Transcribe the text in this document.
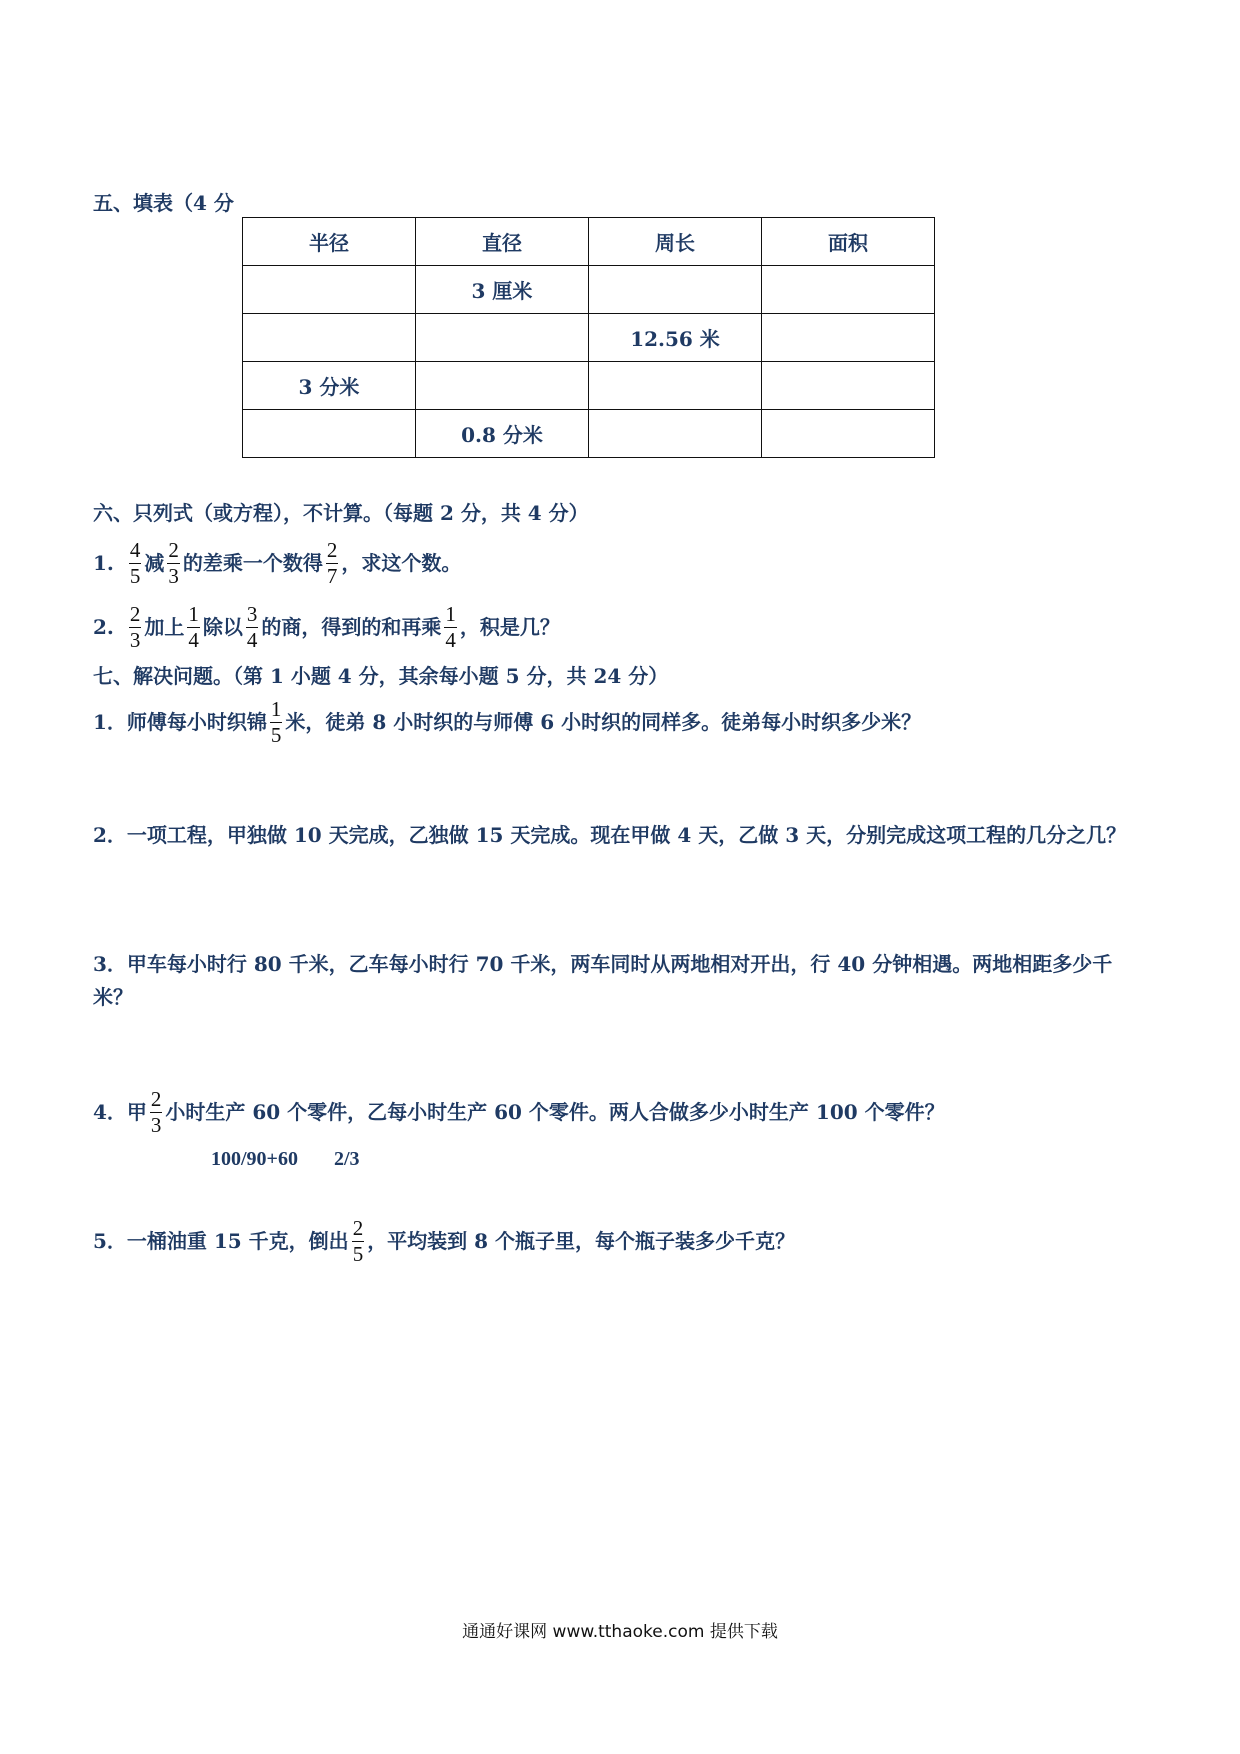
五、填表（4 分
半径	直径	周长	面积
	3 厘米		
		12.56 米	
3 分米			
	0.8 分米		
六、只列式（或方程），不计算。（每题 2 分，共 4 分）
1. $\frac{4}{5}$ 减 $\frac{2}{3}$ 的差乘一个数得 $\frac{2}{7}$ ，求这个数。
2. $\frac{2}{3}$ 加上 $\frac{1}{4}$ 除以 $\frac{3}{4}$ 的商，得到的和再乘 $\frac{1}{4}$ ，积是几？
七、解决问题。（第 1 小题 4 分，其余每小题 5 分，共 24 分）
1．师傅每小时织锦 $\frac{1}{5}$ 米，徒弟 8 小时织的与师傅 6 小时织的同样多。徒弟每小时织多少米？
2．一项工程，甲独做 10 天完成，乙独做 15 天完成。现在甲做 4 天，乙做 3 天，分别完成这项工程的几分之几？
3．甲车每小时行 80 千米，乙车每小时行 70 千米，两车同时从两地相对开出，行 40 分钟相遇。两地相距多少千
米？
4．甲 $\frac{2}{3}$ 小时生产 60 个零件，乙每小时生产 60 个零件。两人合做多少小时生产 100 个零件？
100/90+60 2/3
5．一桶油重 15 千克，倒出 $\frac{2}{5}$ ，平均装到 8 个瓶子里，每个瓶子装多少千克？
通通好课网 www.tthaoke.com 提供下载
